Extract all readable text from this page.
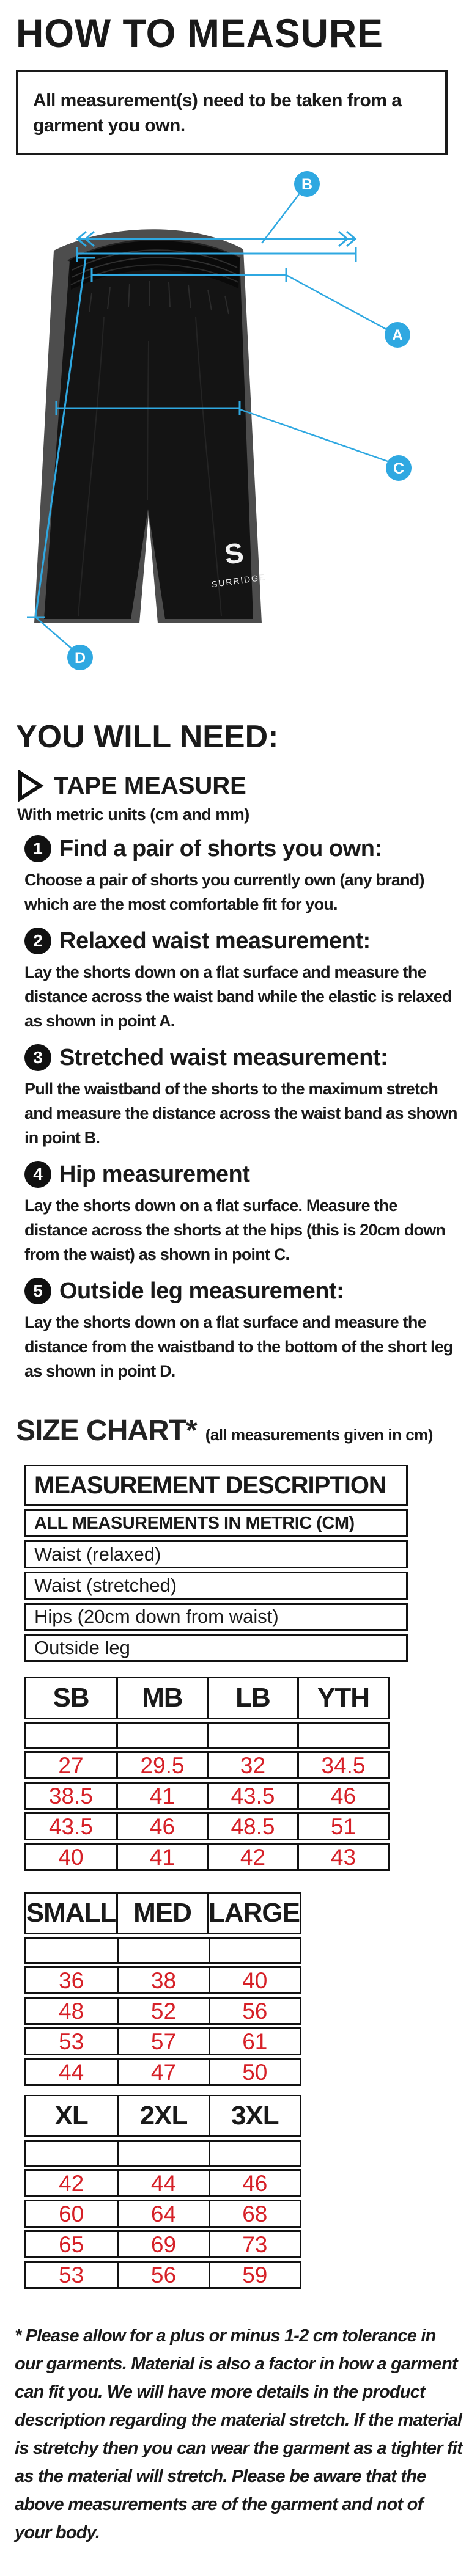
HOW TO MEASURE

All measurement(s) need to be taken from a garment you own.

S
SURRIDGE
B
A
C
D
YOU WILL NEED:
TAPE MEASURE
With metric units (cm and mm)
1 Find a pair of shorts you own:

Choose a pair of shorts you currently own (any brand) which are the most comfortable fit for you.

2 Relaxed waist measurement:

Lay the shorts down on a flat surface and measure the distance across the waist band while the elastic is relaxed as shown in point A.

3 Stretched waist measurement:

Pull the waistband of the shorts to the maximum stretch and measure the distance across the waist band as shown in point B.

4 Hip measurement

Lay the shorts down on a flat surface. Measure the distance across the shorts at the hips (this is 20cm down from the waist) as shown in point C.

5 Outside leg measurement:

Lay the shorts down on a flat surface and measure the distance from the waistband to the bottom of the short leg as shown in point D.

SIZE CHART* (all measurements given in cm)
MEASUREMENT DESCRIPTION
ALL MEASUREMENTS IN METRIC (CM)
Waist (relaxed)
Waist (stretched)
Hips (20cm down from waist)
Outside leg
SB	MB	LB	YTH
27	29.5	32	34.5
38.5	41	43.5	46
43.5	46	48.5	51
40	41	42	43
SMALL MED LARGE
36	38	40
48	52	56
53	57	61
44	47	50
XL	2XL	3XL
42	44	46
60	64	68
65	69	73
53	56	59

* Please allow for a plus or minus 1-2 cm tolerance in our garments. Material is also a factor in how a garment can fit you. We will have more details in the product description regarding the material stretch. If the material is stretchy then you can wear the garment as a tighter fit as the material will stretch. Please be aware that the above measurements are of the garment and not of your body.
